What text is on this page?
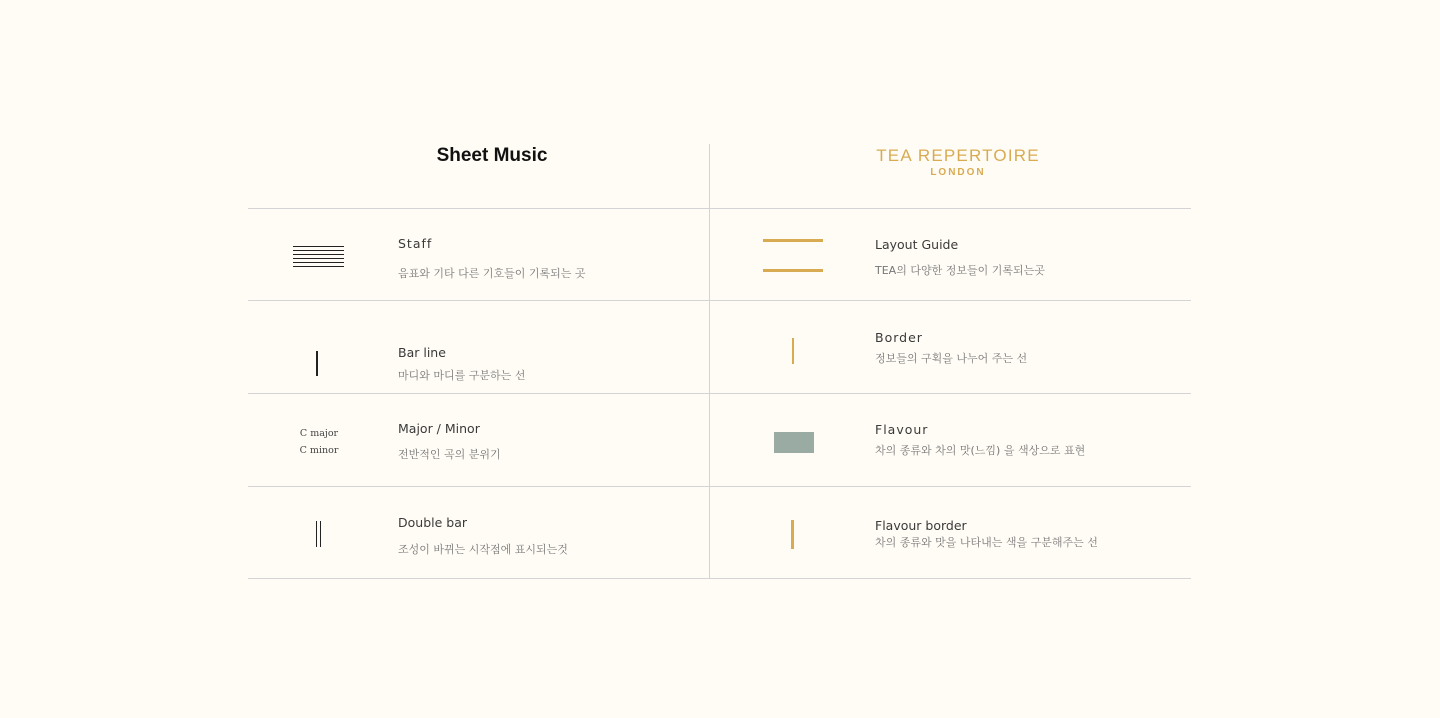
Sheet Music	TEA REPERTOIRE
LONDON
Staff
음표와 기타 다른 기호들이 기록되는 곳
Bar line
마디와 마디를 구분하는 선
C major
C minor
Major / Minor
전반적인 곡의 분위기
Double bar
조성이 바뀌는 시작점에 표시되는것
Layout Guide
TEA의 다양한 정보들이 기록되는곳
Border
정보들의 구획을 나누어 주는 선
Flavour
차의 종류와 차의 맛(느낌) 을 색상으로 표현
Flavour border
차의 종류와 맛을 나타내는 색을 구분해주는 선
